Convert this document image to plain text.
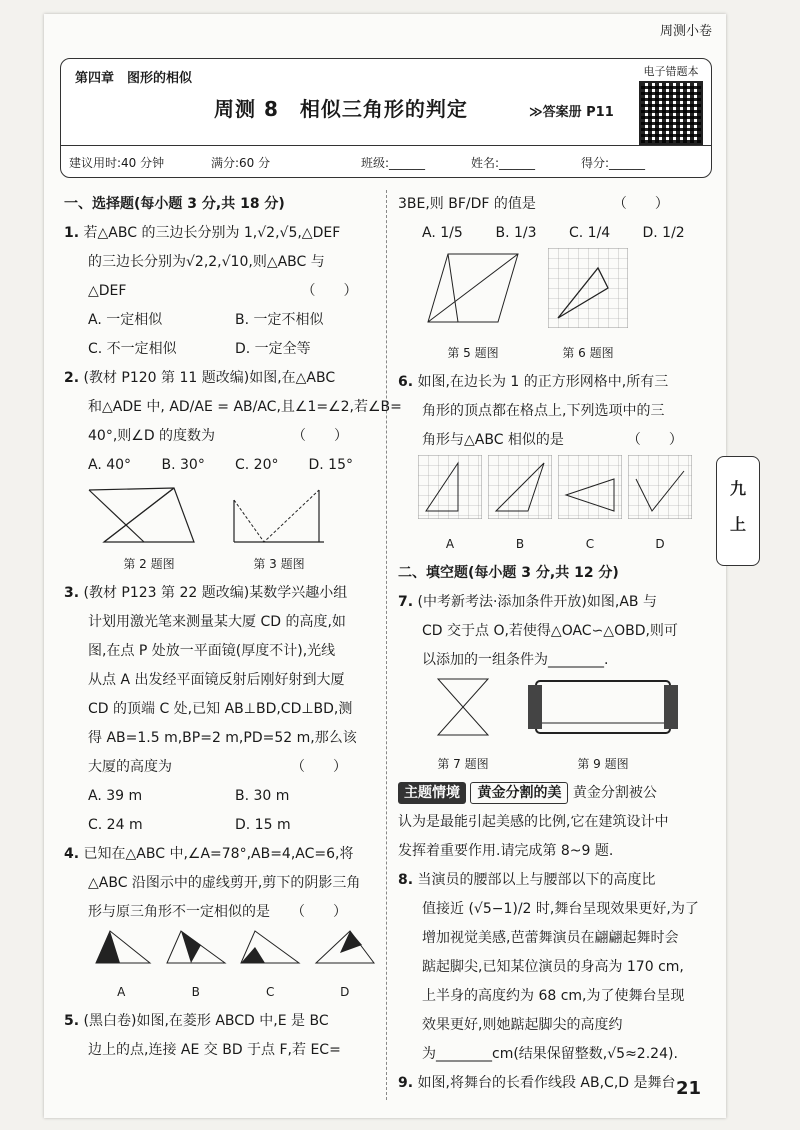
周测小卷
第四章　图形的相似
周测 8　相似三角形的判定	≫答案册 P11
电子错题本
建议用时:40 分钟	满分:60 分	班级:______	姓名:______	得分:______
一、选择题(每小题 3 分,共 18 分)
1. 若△ABC 的三边长分别为 1,√2,√5,△DEF
的三边长分别为√2,2,√10,则△ABC 与
△DEF　　　　　　　　　　　　　（　　）
A. 一定相似	B. 一定不相似
C. 不一定相似	D. 一定全等
2. (教材 P120 第 11 题改编)如图,在△ABC
和△ADE 中, AD/AE = AB/AC,且∠1=∠2,若∠B=
40°,则∠D 的度数为　　　　　　（　　）
A. 40°	B. 30°	C. 20°	D. 15°
第 2 题图	第 3 题图
3. (教材 P123 第 22 题改编)某数学兴趣小组
计划用激光笔来测量某大厦 CD 的高度,如
图,在点 P 处放一平面镜(厚度不计),光线
从点 A 出发经平面镜反射后刚好射到大厦
CD 的顶端 C 处,已知 AB⊥BD,CD⊥BD,测
得 AB=1.5 m,BP=2 m,PD=52 m,那么该
大厦的高度为　　　　　　　　　（　　）
A. 39 m	B. 30 m
C. 24 m	D. 15 m
4. 已知在△ABC 中,∠A=78°,AB=4,AC=6,将
△ABC 沿图示中的虚线剪开,剪下的阴影三角
形与原三角形不一定相似的是　　（　　）
A	B	C	D
5. (黑白卷)如图,在菱形 ABCD 中,E 是 BC
边上的点,连接 AE 交 BD 于点 F,若 EC=
3BE,则 BF/DF 的值是　　　　　　（　　）
A. 1/5	B. 1/3	C. 1/4	D. 1/2
第 5 题图	第 6 题图
6. 如图,在边长为 1 的正方形网格中,所有三
角形的顶点都在格点上,下列选项中的三
角形与△ABC 相似的是　　　　　（　　）
A	B	C	D
二、填空题(每小题 3 分,共 12 分)
7. (中考新考法·添加条件开放)如图,AB 与
CD 交于点 O,若使得△OAC∽△OBD,则可
以添加的一组条件为________.
第 7 题图	第 9 题图
主题情境 黄金分割的美 黄金分割被公
认为是最能引起美感的比例,它在建筑设计中
发挥着重要作用.请完成第 8~9 题.
8. 当演员的腰部以上与腰部以下的高度比
值接近 (√5−1)/2 时,舞台呈现效果更好,为了
增加视觉美感,芭蕾舞演员在翩翩起舞时会
踮起脚尖,已知某位演员的身高为 170 cm,
上半身的高度约为 68 cm,为了使舞台呈现
效果更好,则她踮起脚尖的高度约
为________cm(结果保留整数,√5≈2.24).
9. 如图,将舞台的长看作线段 AB,C,D 是舞台
九
上
21
